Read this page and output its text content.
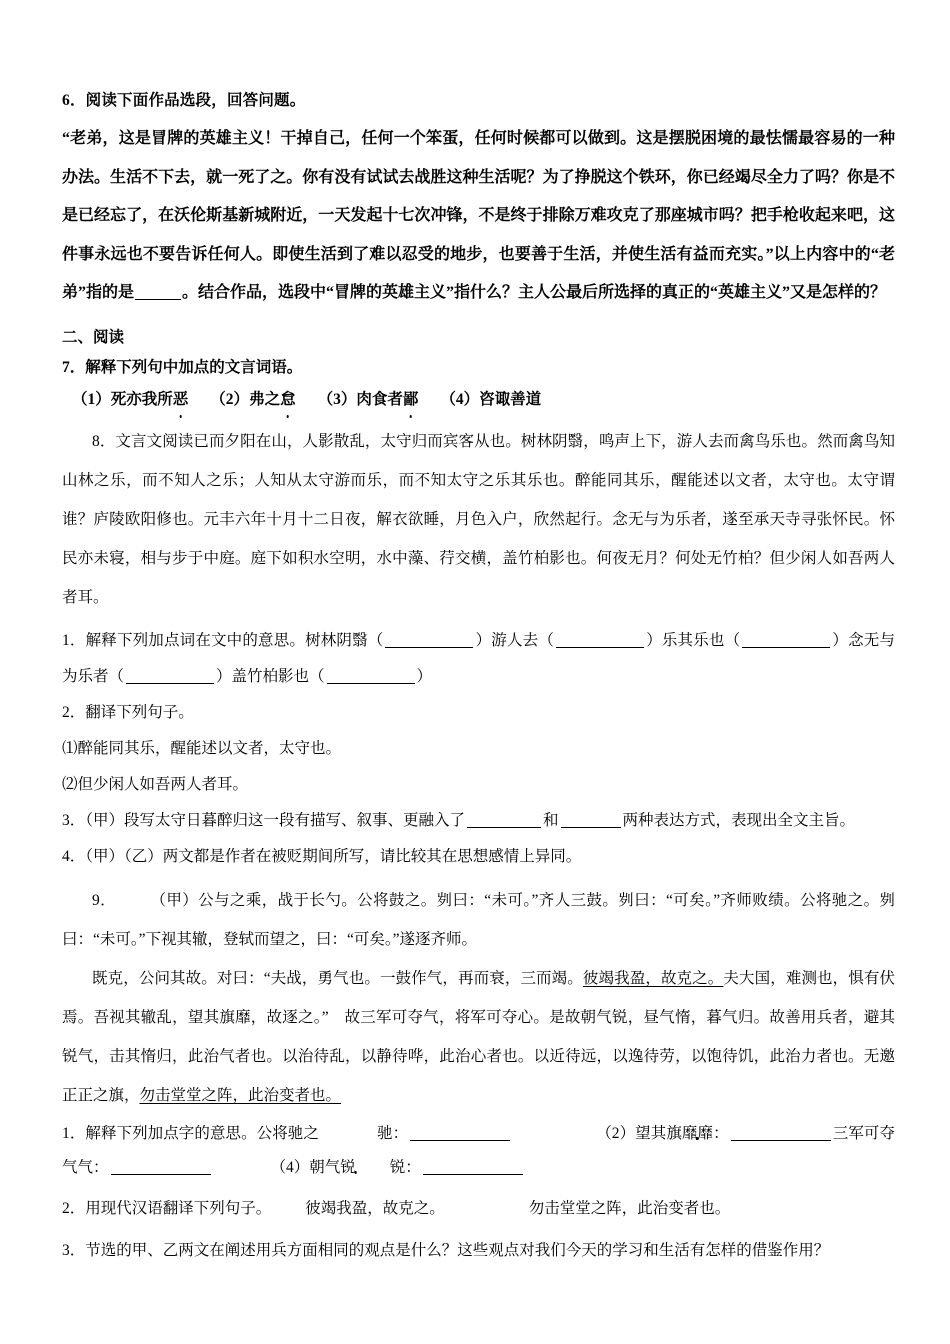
6．阅读下面作品选段，回答问题。

“老弟，这是冒牌的英雄主义！干掉自己，任何一个笨蛋，任何时候都可以做到。这是摆脱困境的最怯懦最容易的一种办法。生活不下去，就一死了之。你有没有试试去战胜这种生活呢？为了挣脱这个铁环，你已经竭尽全力了吗？你是不是已经忘了，在沃伦斯基新城附近，一天发起十七次冲锋，不是终于排除万难攻克了那座城市吗？把手枪收起来吧，这件事永远也不要告诉任何人。即使生活到了难以忍受的地步，也要善于生活，并使生活有益而充实。”以上内容中的“老弟”指的是	。结合作品，选段中“冒牌的英雄主义”指什么？主人公最后所选择的真正的“英雄主义”又是怎样的？

二、阅读

7．解释下列句中加点的文言词语。

（1）死亦我所恶 （2）弗之怠 （3）肉食者鄙 （4）咨诹善道

8．文言文阅读已而夕阳在山，人影散乱，太守归而宾客从也。树林阴翳，鸣声上下，游人去而禽鸟乐也。然而禽鸟知山林之乐，而不知人之乐；人知从太守游而乐，而不知太守之乐其乐也。醉能同其乐，醒能述以文者，太守也。太守谓谁？庐陵欧阳修也。元丰六年十月十二日夜，解衣欲睡，月色入户，欣然起行。念无与为乐者，遂至承天寺寻张怀民。怀民亦未寝，相与步于中庭。庭下如积水空明，水中藻、荇交横，盖竹柏影也。何夜无月？何处无竹柏？但少闲人如吾两人者耳。

1．解释下列加点词在文中的意思。树林阴翳（	）游人去（	）乐其乐也（	）念无与为乐者（	）盖竹柏影也（	）

2．翻译下列句子。

⑴醉能同其乐，醒能述以文者，太守也。

⑵但少闲人如吾两人者耳。

3．（甲）段写太守日暮醉归这一段有描写、叙事、更融入了	和	两种表达方式，表现出全文主旨。

4．（甲）（乙）两文都是作者在被贬期间所写，请比较其在思想感情上异同。

9． （甲）公与之乘，战于长勺。公将鼓之。刿曰：“未可。”齐人三鼓。刿曰：“可矣。”齐师败绩。公将驰之。刿曰：“未可。”下视其辙，登轼而望之，曰：“可矣。”遂逐齐师。

既克，公问其故。对曰：“夫战，勇气也。一鼓作气，再而衰，三而竭。彼竭我盈，故克之。夫大国，难测也，惧有伏焉。吾视其辙乱，望其旗靡，故逐之。”　故三军可夺气，将军可夺心。是故朝气锐，昼气惰，暮气归。故善用兵者，避其锐气，击其惰归，此治气者也。以治待乱，以静待哗，此治心者也。以近待远，以逸待劳，以饱待饥，此治力者也。无邀正正之旗，勿击堂堂之阵，此治变者也。

1．解释下列加点字的意思。公将驰之	驰：	（2）望其旗靡靡：	三军可夺气气：	（4）朝气锐 锐：

2．用现代汉语翻译下列句子。 彼竭我盈，故克之。	勿击堂堂之阵，此治变者也。

3．节选的甲、乙两文在阐述用兵方面相同的观点是什么？这些观点对我们今天的学习和生活有怎样的借鉴作用？
